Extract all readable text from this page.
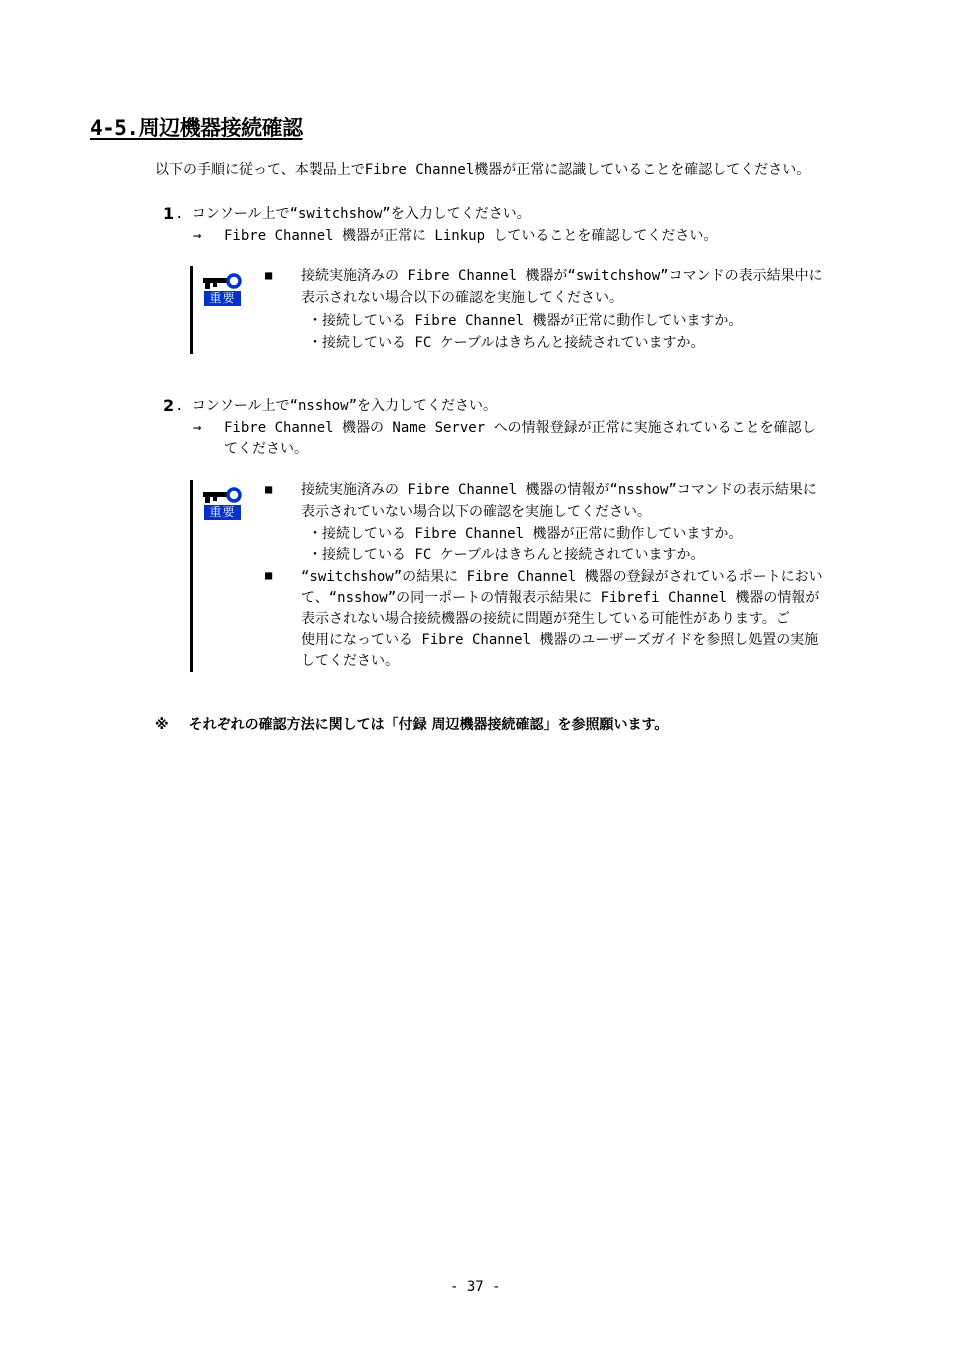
4-5.周辺機器接続確認
以下の手順に従って、本製品上でFibre Channel機器が正常に認識していることを確認してください。
1 . コンソール上で“switchshow”を入力してください。
→ Fibre Channel 機器が正常に Linkup していることを確認してください。
重要
■ 接続実施済みの Fibre Channel 機器が“switchshow”コマンドの表示結果中に
表示されない場合以下の確認を実施してください。
・接続している Fibre Channel 機器が正常に動作していますか。
・接続している FC ケーブルはきちんと接続されていますか。
2 . コンソール上で“nsshow”を入力してください。
→ Fibre Channel 機器の Name Server への情報登録が正常に実施されていることを確認し
てください。
重要
■ 接続実施済みの Fibre Channel 機器の情報が“nsshow”コマンドの表示結果に
表示されていない場合以下の確認を実施してください。
・接続している Fibre Channel 機器が正常に動作していますか。
・接続している FC ケーブルはきちんと接続されていますか。
■ “switchshow”の結果に Fibre Channel 機器の登録がされているポートにおい
て、“nsshow”の同一ポートの情報表示結果に Fibrefi Channel 機器の情報が
表示されない場合接続機器の接続に問題が発生している可能性があります。ご
使用になっている Fibre Channel 機器のユーザーズガイドを参照し処置の実施
してください。
※ それぞれの確認方法に関しては「付録 周辺機器接続確認」を参照願います。
- 37 -
